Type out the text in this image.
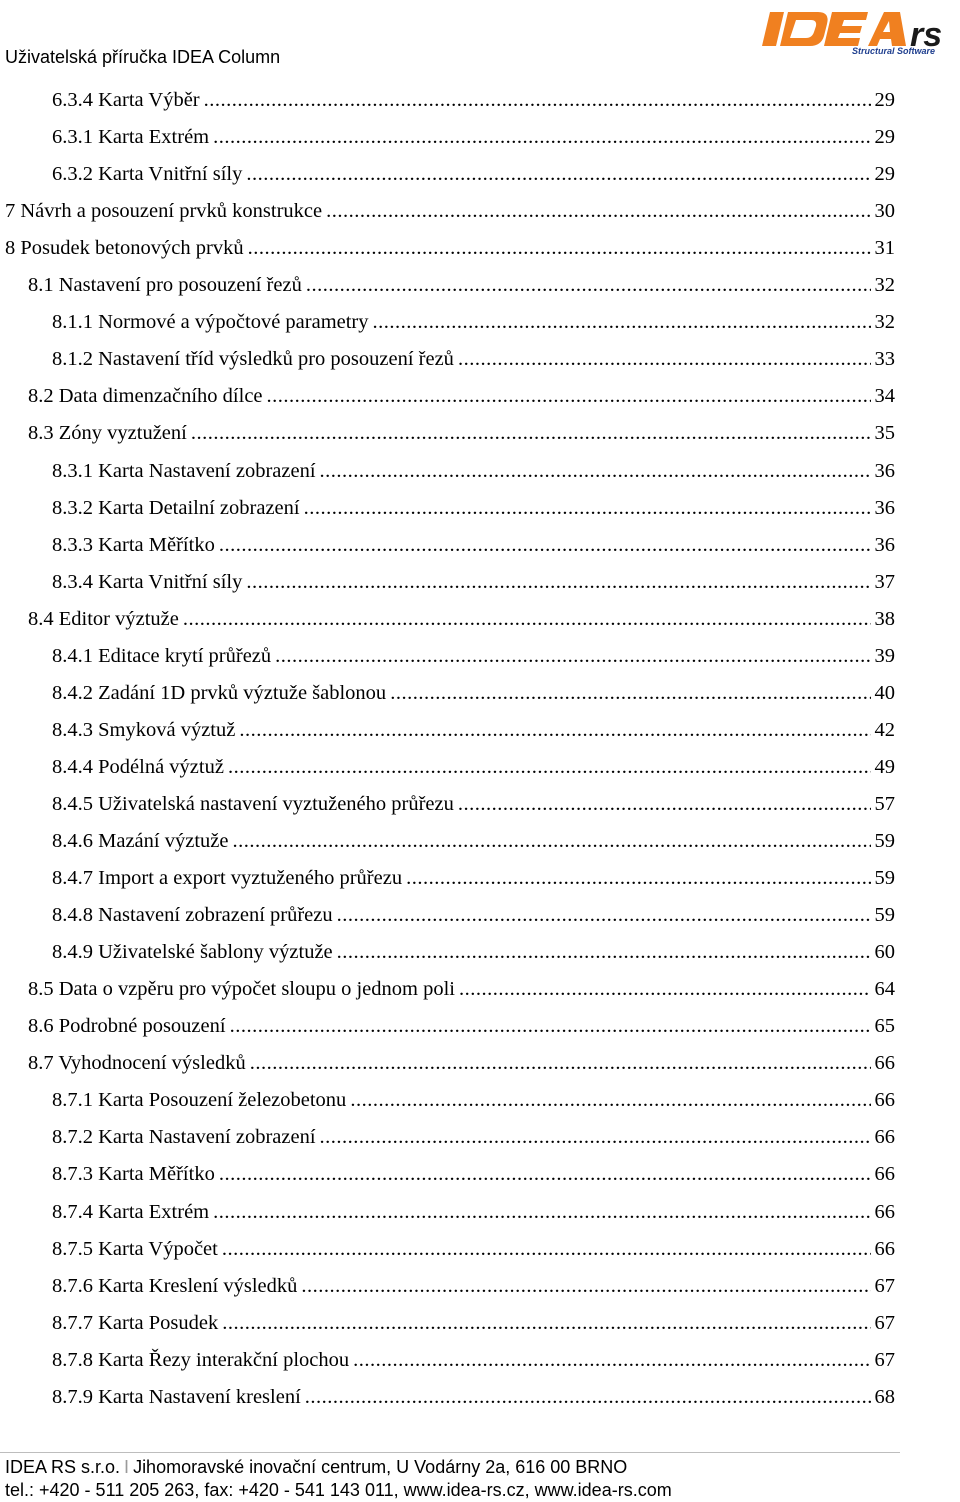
Uživatelská příručka IDEA Column
rs
Structural Software
6.3.4 Karta Výběr .....	29
6.3.1 Karta Extrém .....	29
6.3.2 Karta Vnitřní síly .....	29
7 Návrh a posouzení prvků konstrukce .....	30
8 Posudek betonových prvků .....	31
8.1 Nastavení pro posouzení řezů .....	32
8.1.1 Normové a výpočtové parametry .....	32
8.1.2 Nastavení tříd výsledků pro posouzení řezů .....	33
8.2 Data dimenzačního dílce .....	34
8.3 Zóny vyztužení .....	35
8.3.1 Karta Nastavení zobrazení .....	36
8.3.2 Karta Detailní zobrazení .....	36
8.3.3 Karta Měřítko .....	36
8.3.4 Karta Vnitřní síly .....	37
8.4 Editor výztuže .....	38
8.4.1 Editace krytí průřezů .....	39
8.4.2 Zadání 1D prvků výztuže šablonou .....	40
8.4.3 Smyková výztuž .....	42
8.4.4 Podélná výztuž .....	49
8.4.5 Uživatelská nastavení vyztuženého průřezu .....	57
8.4.6 Mazání výztuže .....	59
8.4.7 Import a export vyztuženého průřezu .....	59
8.4.8 Nastavení zobrazení průřezu .....	59
8.4.9 Uživatelské šablony výztuže .....	60
8.5 Data o vzpěru pro výpočet sloupu o jednom poli .....	64
8.6 Podrobné posouzení .....	65
8.7 Vyhodnocení výsledků .....	66
8.7.1 Karta Posouzení železobetonu .....	66
8.7.2 Karta Nastavení zobrazení .....	66
8.7.3 Karta Měřítko .....	66
8.7.4 Karta Extrém .....	66
8.7.5 Karta Výpočet .....	66
8.7.6 Karta Kreslení výsledků .....	67
8.7.7 Karta Posudek .....	67
8.7.8 Karta Řezy interakční plochou .....	67
8.7.9 Karta Nastavení kreslení .....	68
IDEA RS s.r.o. I Jihomoravské inovační centrum, U Vodárny 2a, 616 00 BRNO
tel.: +420 - 511 205 263, fax: +420 - 541 143 011, www.idea-rs.cz, www.idea-rs.com
